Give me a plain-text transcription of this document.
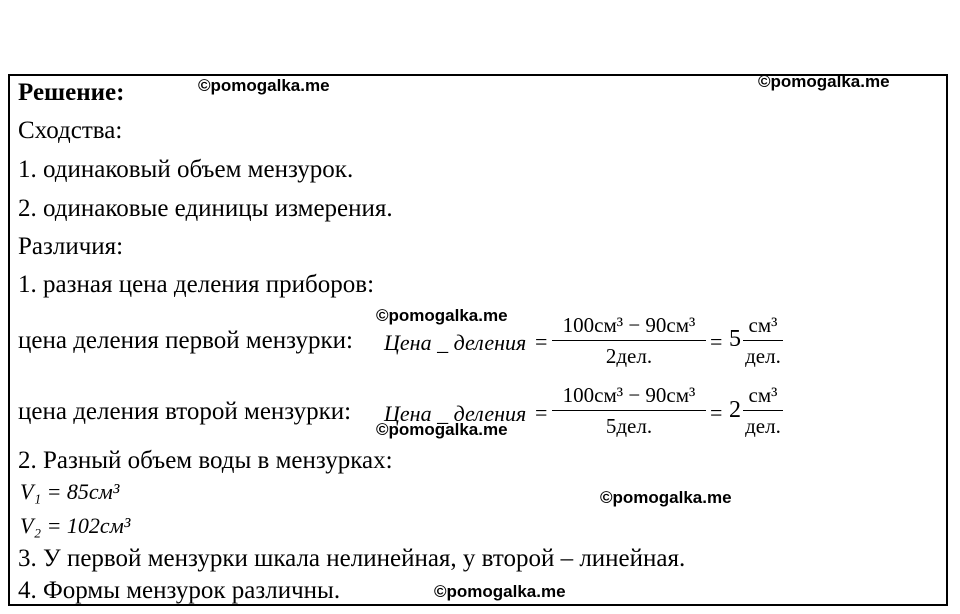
Решение:	©pomogalka.me	©pomogalka.me
Сходства:
1. одинаковый объем мензурок.
2. одинаковые единицы измерения.
Различия:
1. разная цена деления приборов:
©pomogalka.me
цена деления первой мензурки: Цена _ деления =
100см³ − 90см³
2дел.
= 5
см³
дел.
цена деления второй мензурки: Цена _ деления =
100см³ − 90см³
5дел.
= 2
см³
дел.
©pomogalka.me
2. Разный объем воды в мензурках:
V₁ = 85см³	©pomogalka.me
V₂ = 102см³
3. У первой мензурки шкала нелинейная, у второй – линейная.
4. Формы мензурок различны.	©pomogalka.me
